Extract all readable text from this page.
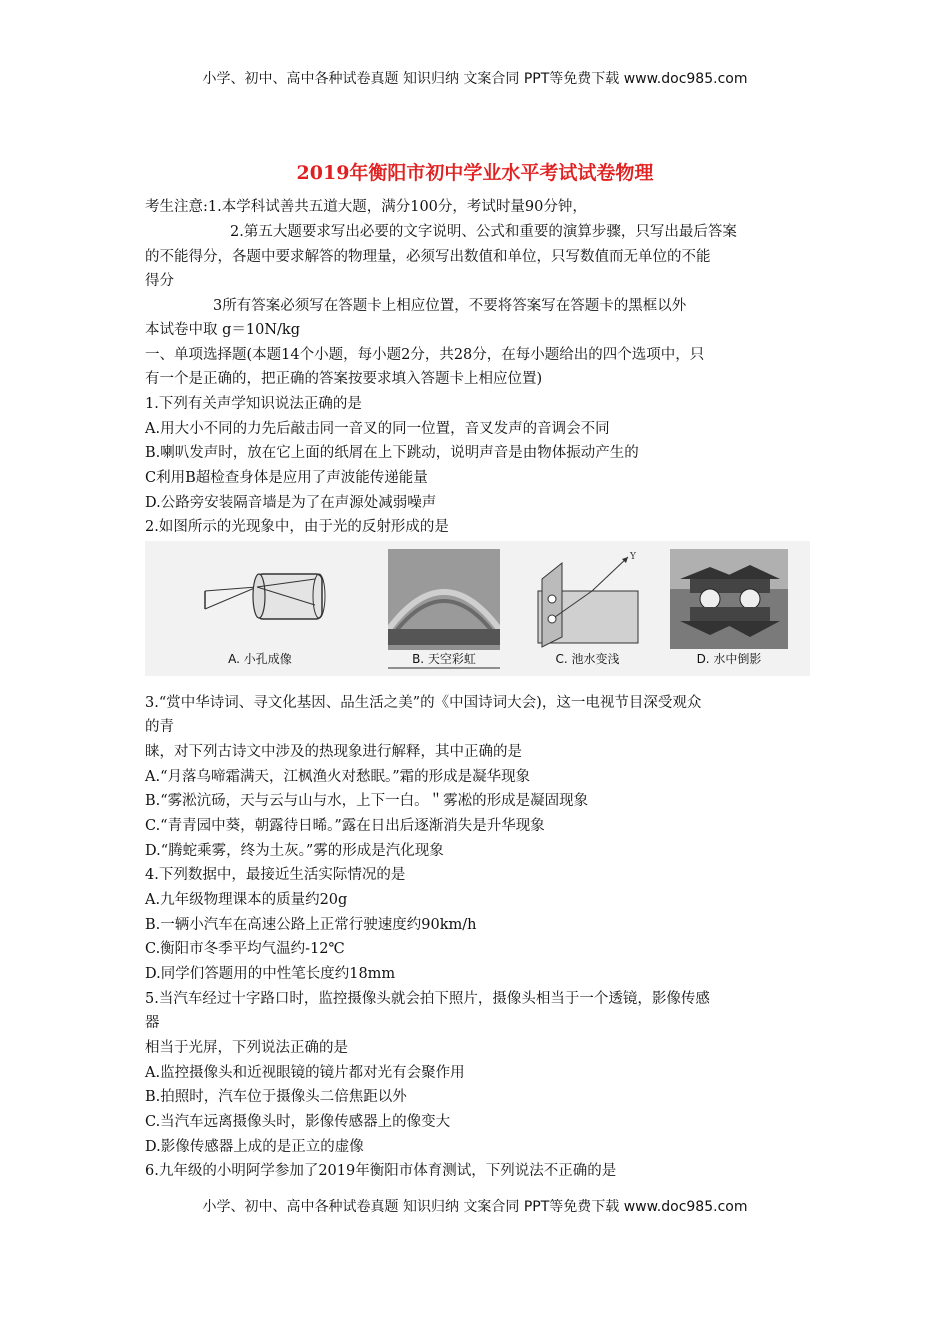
小学、初中、高中各种试卷真题 知识归纳 文案合同 PPT等免费下载 www.doc985.com
2019年衡阳市初中学业水平考试试卷物理
考生注意:1.本学科试善共五道大题，满分100分，考试时量90分钟，
2.第五大题要求写出必要的文字说明、公式和重要的演算步骤，只写出最后答案
的不能得分，各题中要求解答的物理量，必须写出数值和单位，只写数值而无单位的不能
得分
3所有答案必须写在答题卡上相应位置，不要将答案写在答题卡的黑框以外
本试卷中取 g＝10N/kg
一、单项选择题(本题14个小题，每小题2分，共28分，在每小题给出的四个选项中，只
有一个是正确的，把正确的答案按要求填入答题卡上相应位置)
1.下列有关声学知识说法正确的是
A.用大小不同的力先后敲击同一音叉的同一位置，音叉发声的音调会不同
B.喇叭发声时，放在它上面的纸屑在上下跳动，说明声音是由物体振动产生的
C利用B超检查身体是应用了声波能传递能量
D.公路旁安装隔音墙是为了在声源处减弱噪声
2.如图所示的光现象中，由于光的反射形成的是
A. 小孔成像	B. 天空彩虹
Y
C. 池水变浅	D. 水中倒影
3.“赏中华诗词、寻文化基因、品生活之美”的《中国诗词大会)，这一电视节目深受观众
的青
睐，对下列古诗文中涉及的热现象进行解释，其中正确的是
A.“月落乌啼霜满天，江枫渔火对愁眠。”霜的形成是凝华现象
B.“雾淞沆砀，天与云与山与水，上下一白。＂雾凇的形成是凝固现象
C.“青青园中葵，朝露待日晞。”露在日出后逐渐消失是升华现象
D.“腾蛇乘雾，终为土灰。”雾的形成是汽化现象
4.下列数据中，最接近生活实际情况的是
A.九年级物理课本的质量约20g
B.一辆小汽车在高速公路上正常行驶速度约90km/h
C.衡阳市冬季平均气温约-12℃
D.同学们答题用的中性笔长度约18mm
5.当汽车经过十字路口时，监控摄像头就会拍下照片，摄像头相当于一个透镜，影像传感
器
相当于光屏，下列说法正确的是
A.监控摄像头和近视眼镜的镜片都对光有会聚作用
B.拍照时，汽车位于摄像头二倍焦距以外
C.当汽车远离摄像头时，影像传感器上的像变大
D.影像传感器上成的是正立的虚像
6.九年级的小明阿学参加了2019年衡阳市体育测试，下列说法不正确的是
小学、初中、高中各种试卷真题 知识归纳 文案合同 PPT等免费下载 www.doc985.com
